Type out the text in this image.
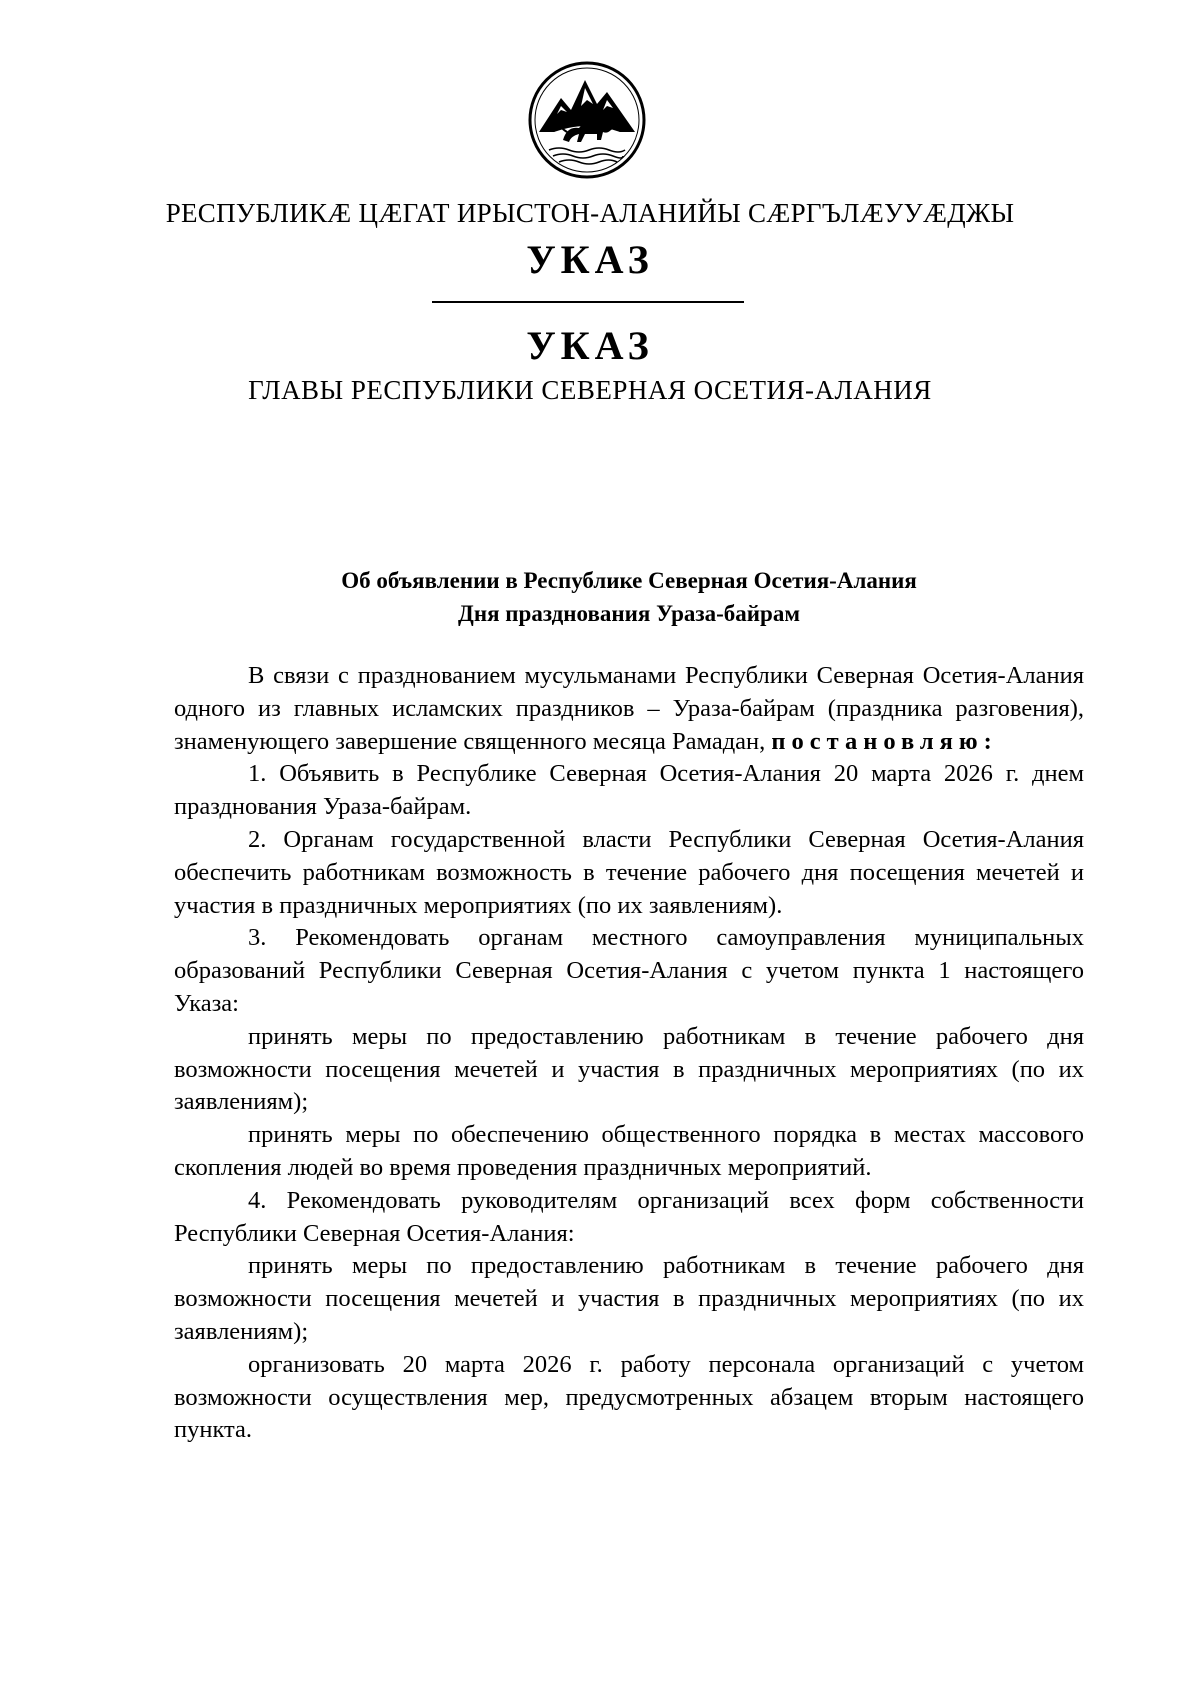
РЕСПУБЛИКӔ ЦӔГАТ ИРЫСТОН-АЛАНИЙЫ СӔРГЪЛӔУУӔДЖЫ
УКАЗ
УКАЗ
ГЛАВЫ РЕСПУБЛИКИ СЕВЕРНАЯ ОСЕТИЯ-АЛАНИЯ
Об объявлении в Республике Северная Осетия-Алания
Дня празднования Ураза-байрам

В связи с празднованием мусульманами Республики Северная Осетия-Алания одного из главных исламских праздников – Ураза-байрам (праздника разговения), знаменующего завершение священного месяца Рамадан, постановляю:

1. Объявить в Республике Северная Осетия-Алания 20 марта 2026 г. днем празднования Ураза-байрам.

2. Органам государственной власти Республики Северная Осетия-Алания обеспечить работникам возможность в течение рабочего дня посещения мечетей и участия в праздничных мероприятиях (по их заявлениям).

3. Рекомендовать органам местного самоуправления муниципальных образований Республики Северная Осетия-Алания с учетом пункта 1 настоящего Указа:

принять меры по предоставлению работникам в течение рабочего дня возможности посещения мечетей и участия в праздничных мероприятиях (по их заявлениям);

принять меры по обеспечению общественного порядка в местах массового скопления людей во время проведения праздничных мероприятий.

4. Рекомендовать руководителям организаций всех форм собственности Республики Северная Осетия-Алания:

принять меры по предоставлению работникам в течение рабочего дня возможности посещения мечетей и участия в праздничных мероприятиях (по их заявлениям);

организовать 20 марта 2026 г. работу персонала организаций с учетом возможности осуществления мер, предусмотренных абзацем вторым настоящего пункта.
